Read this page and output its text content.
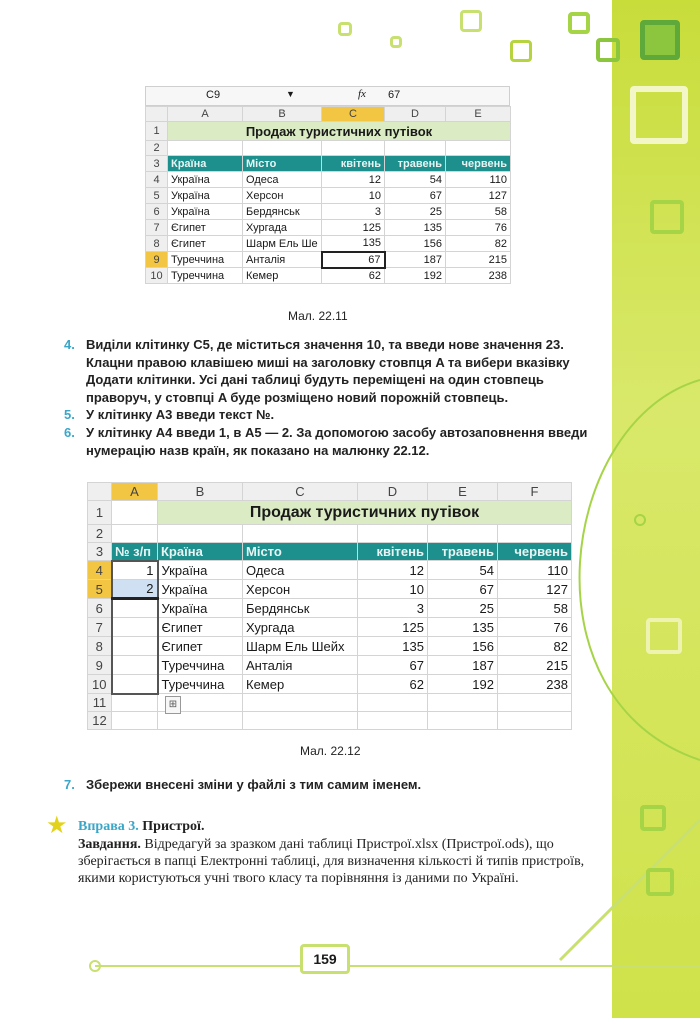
C9	▼	fx 67
	A	B	C	D	E
1	Продаж туристичних путівок				
2					
3	Країна	Місто	квітень	травень	червень
4	Україна	Одеса	12	54	110
5	Україна	Херсон	10	67	127
6	Україна	Бердянськ	3	25	58
7	Єгипет	Хургада	125	135	76
8	Єгипет	Шарм Ель Ше	135	156	82
9	Туреччина	Анталія	67	187	215
10	Туреччина	Кемер	62	192	238
Мал. 22.11
4. Виділи клітинку C5, де міститься значення 10, та введи нове значення 23. Клацни правою клавішею миші на заголовку стовпця A та вибери вказівку Додати клітинки. Усі дані таблиці будуть переміщені на один стовпець праворуч, у стовпці A буде розміщено новий порожній стовпець.
5. У клітинку A3 введи текст №.
6. У клітинку A4 введи 1, в A5 — 2. За допомогою засобу автозаповнення введи нумерацію назв країн, як показано на малюнку 22.12.
	A	B	C	D	E	F
1		Продаж туристичних путівок				
2						
3	№ з/п	Країна	Місто	квітень	травень	червень
4	1	Україна	Одеса	12	54	110
5	2	Україна	Херсон	10	67	127
6		Україна	Бердянськ	3	25	58
7		Єгипет	Хургада	125	135	76
8		Єгипет	Шарм Ель Шейх	135	156	82
9		Туреччина	Анталія	67	187	215
10		Туреччина	Кемер	62	192	238
11						
12						
⊞
Мал. 22.12
7. Збережи внесені зміни у файлі з тим самим іменем.
★ Вправа 3. Пристрої.
Завдання. Відредагуй за зразком дані таблиці Пристрої.xlsx (Пристрої.ods), що зберігається в папці Електронні таблиці, для визначення кількості й типів пристроїв, якими користуються учні твого класу та порівняння із даними по Україні.
159
